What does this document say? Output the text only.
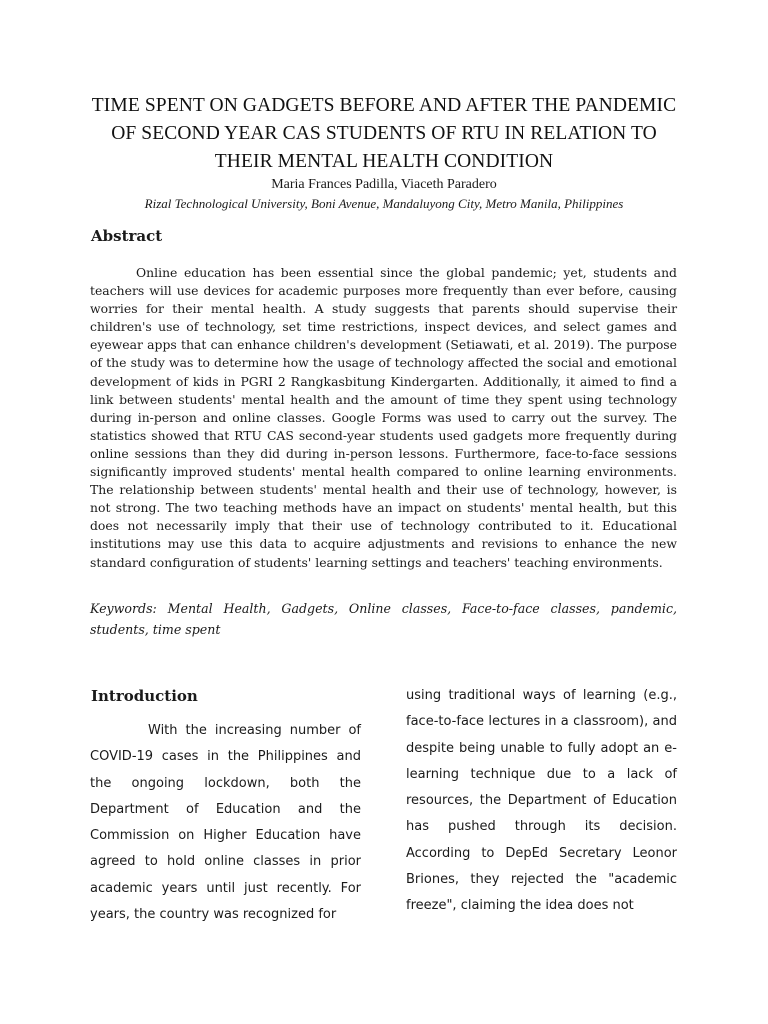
TIME SPENT ON GADGETS BEFORE AND AFTER THE PANDEMIC OF SECOND YEAR CAS STUDENTS OF RTU IN RELATION TO THEIR MENTAL HEALTH CONDITION
Maria Frances Padilla, Viaceth Paradero
Rizal Technological University, Boni Avenue, Mandaluyong City, Metro Manila, Philippines
Abstract

Online education has been essential since the global pandemic; yet, students and teachers will use devices for academic purposes more frequently than ever before, causing worries for their mental health. A study suggests that parents should supervise their children's use of technology, set time restrictions, inspect devices, and select games and eyewear apps that can enhance children's development (Setiawati, et al. 2019). The purpose of the study was to determine how the usage of technology affected the social and emotional development of kids in PGRI 2 Rangkasbitung Kindergarten. Additionally, it aimed to find a link between students' mental health and the amount of time they spent using technology during in-person and online classes. Google Forms was used to carry out the survey. The statistics showed that RTU CAS second-year students used gadgets more frequently during online sessions than they did during in-person lessons. Furthermore, face-to-face sessions significantly improved students' mental health compared to online learning environments. The relationship between students' mental health and their use of technology, however, is not strong. The two teaching methods have an impact on students' mental health, but this does not necessarily imply that their use of technology contributed to it. Educational institutions may use this data to acquire adjustments and revisions to enhance the new standard configuration of students' learning settings and teachers' teaching environments.

Keywords: Mental Health, Gadgets, Online classes, Face-to-face classes, pandemic, students, time spent

Introduction

With the increasing number of COVID-19 cases in the Philippines and the ongoing lockdown, both the Department of Education and the Commission on Higher Education have agreed to hold online classes in prior academic years until just recently. For years, the country was recognized for

using traditional ways of learning (e.g., face-to-face lectures in a classroom), and despite being unable to fully adopt an e-learning technique due to a lack of resources, the Department of Education has pushed through its decision. According to DepEd Secretary Leonor Briones, they rejected the "academic freeze", claiming the idea does not
